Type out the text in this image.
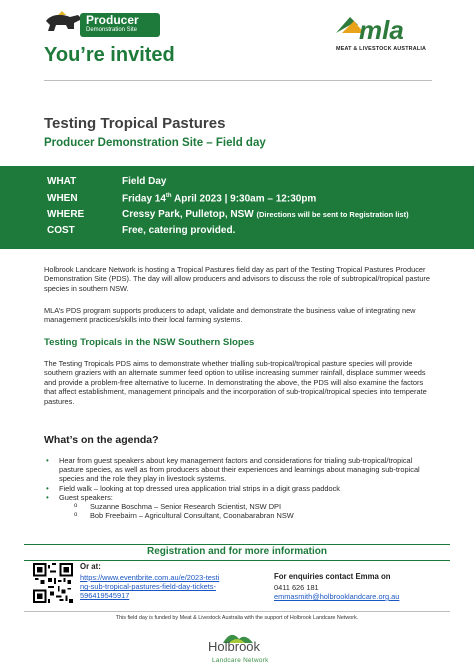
Producer
Demonstration Site	mla
MEAT & LIVESTOCK AUSTRALIA
You’re invited
Testing Tropical Pastures
Producer Demonstration Site – Field day
WHAT	Field Day
WHEN	Friday 14th April 2023 | 9:30am – 12:30pm
WHERE	Cressy Park, Pulletop, NSW (Directions will be sent to Registration list)
COST	Free, catering provided.
Holbrook Landcare Network is hosting a Tropical Pastures field day as part of the Testing Tropical Pastures Producer Demonstration Site (PDS). The day will allow producers and advisors to discuss the role of subtropical/tropical pasture species in southern NSW.
MLA’s PDS program supports producers to adapt, validate and demonstrate the business value of integrating new management practices/skills into their local farming systems.
Testing Tropicals in the NSW Southern Slopes
The Testing Tropicals PDS aims to demonstrate whether trialling sub-tropical/tropical pasture species will provide southern graziers with an alternate summer feed option to utilise increasing summer rainfall, displace summer weeds and provide a problem-free alternative to lucerne. In demonstrating the above, the PDS will also examine the factors that affect establishment, management principals and the incorporation of sub-tropical/tropical species into temperate pastures.
What’s on the agenda?
• Hear from guest speakers about key management factors and considerations for trialing sub-tropical/tropical pasture species, as well as from producers about their experiences and learnings about managing sub-tropical species and the role they play in livestock systems.
• Field walk – looking at top dressed urea application trial strips in a digit grass paddock
• Guest speakers:
o Suzanne Boschma – Senior Research Scientist, NSW DPI
o Bob Freebairn – Agricultural Consultant, Coonabarabran NSW
Registration and for more information
Or at:
https://www.eventbrite.com.au/e/2023-testing-sub-tropical-pastures-field-day-tickets-596419545917
For enquiries contact Emma on
0411 626 181
emmasmith@holbrooklandcare.org.au
This field day is funded by Meat & Livestock Australia with the support of Holbrook Landcare Network.
Holbrook
Landcare Network
